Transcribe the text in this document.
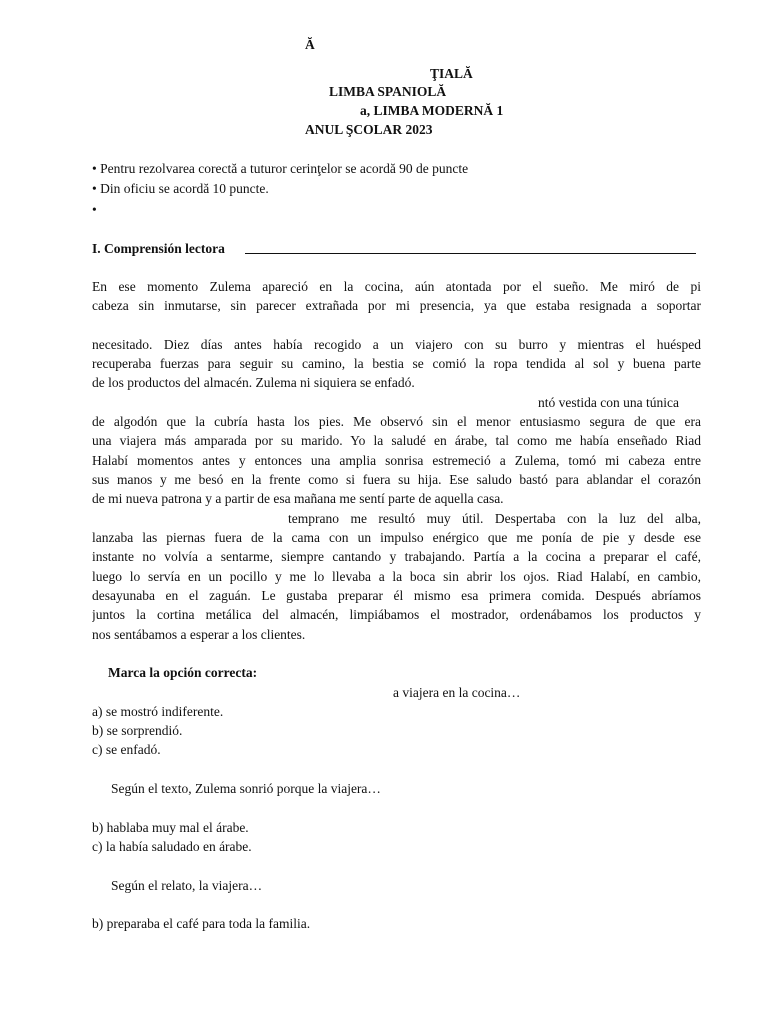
Ă
ŢIALĂ
LIMBA SPANIOLĂ
a, LIMBA MODERNĂ 1
ANUL ŞCOLAR 2023
• Pentru rezolvarea corectă a tuturor cerinţelor se acordă 90 de puncte
• Din oficiu se acordă 10 puncte.
•
I. Comprensión lectora
En ese momento Zulema apareció en la cocina, aún atontada por el sueño. Me miró de pi
cabeza sin inmutarse, sin parecer extrañada por mi presencia, ya que estaba resignada a soportar
necesitado. Diez días antes había recogido a un viajero con su burro y mientras el huésped
recuperaba fuerzas para seguir su camino, la bestia se comió la ropa tendida al sol y buena parte
de los productos del almacén. Zulema ni siquiera se enfadó.
ntó vestida con una túnica
de algodón que la cubría hasta los pies. Me observó sin el menor entusiasmo segura de que era
una viajera más amparada por su marido. Yo la saludé en árabe, tal como me había enseñado Riad
Halabí momentos antes y entonces una amplia sonrisa estremeció a Zulema, tomó mi cabeza entre
sus manos y me besó en la frente como si fuera su hija. Ese saludo bastó para ablandar el corazón
de mi nueva patrona y a partir de esa mañana me sentí parte de aquella casa.
temprano me resultó muy útil. Despertaba con la luz del alba,
lanzaba las piernas fuera de la cama con un impulso enérgico que me ponía de pie y desde ese
instante no volvía a sentarme, siempre cantando y trabajando. Partía a la cocina a preparar el café,
luego lo servía en un pocillo y me lo llevaba a la boca sin abrir los ojos. Riad Halabí, en cambio,
desayunaba en el zaguán. Le gustaba preparar él mismo esa primera comida. Después abríamos
juntos la cortina metálica del almacén, limpiábamos el mostrador, ordenábamos los productos y
nos sentábamos a esperar a los clientes.
Marca la opción correcta:
a viajera en la cocina…
a) se mostró indiferente.
b) se sorprendió.
c) se enfadó.
Según el texto, Zulema sonrió porque la viajera…
b) hablaba muy mal el árabe.
c) la había saludado en árabe.
Según el relato, la viajera…
b) preparaba el café para toda la familia.
